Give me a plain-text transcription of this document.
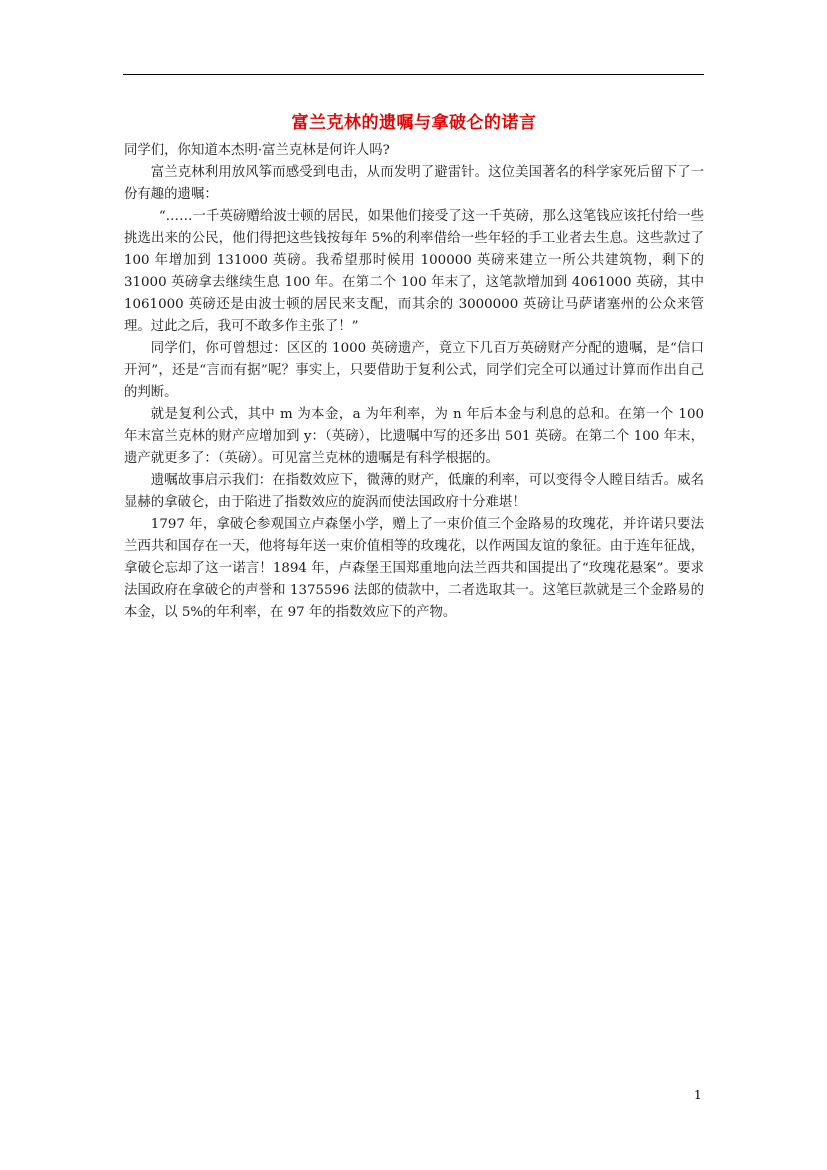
富兰克林的遗嘱与拿破仑的诺言

同学们，你知道本杰明·富兰克林是何许人吗?

富兰克林利用放风筝而感受到电击，从而发明了避雷针。这位美国著名的科学家死后留下了一份有趣的遗嘱：

“……一千英磅赠给波士顿的居民，如果他们接受了这一千英磅，那么这笔钱应该托付给一些挑选出来的公民，他们得把这些钱按每年 5%的利率借给一些年轻的手工业者去生息。这些款过了 100 年增加到 131000 英磅。我希望那时候用 100000 英磅来建立一所公共建筑物，剩下的 31000 英磅拿去继续生息 100 年。在第二个 100 年末了，这笔款增加到 4061000 英磅，其中 1061000 英磅还是由波士顿的居民来支配，而其余的 3000000 英磅让马萨诸塞州的公众来管理。过此之后，我可不敢多作主张了！”

同学们，你可曾想过：区区的 1000 英磅遗产，竟立下几百万英磅财产分配的遗嘱，是“信口开河”，还是“言而有据”呢？事实上，只要借助于复利公式，同学们完全可以通过计算而作出自己的判断。

就是复利公式，其中 m 为本金，a 为年利率，为 n 年后本金与利息的总和。在第一个 100 年末富兰克林的财产应增加到 y：（英磅），比遗嘱中写的还多出 501 英磅。在第二个 100 年末，遗产就更多了：（英磅）。可见富兰克林的遗嘱是有科学根据的。

遗嘱故事启示我们：在指数效应下，微薄的财产，低廉的利率，可以变得令人瞠目结舌。威名显赫的拿破仑，由于陷进了指数效应的旋涡而使法国政府十分难堪！

1797 年，拿破仑参观国立卢森堡小学，赠上了一束价值三个金路易的玫瑰花，并许诺只要法兰西共和国存在一天，他将每年送一束价值相等的玫瑰花，以作两国友谊的象征。由于连年征战，拿破仑忘却了这一诺言！1894 年，卢森堡王国郑重地向法兰西共和国提出了“玫瑰花悬案”。要求法国政府在拿破仑的声誉和 1375596 法郎的债款中，二者选取其一。这笔巨款就是三个金路易的本金，以 5%的年利率，在 97 年的指数效应下的产物。

1
